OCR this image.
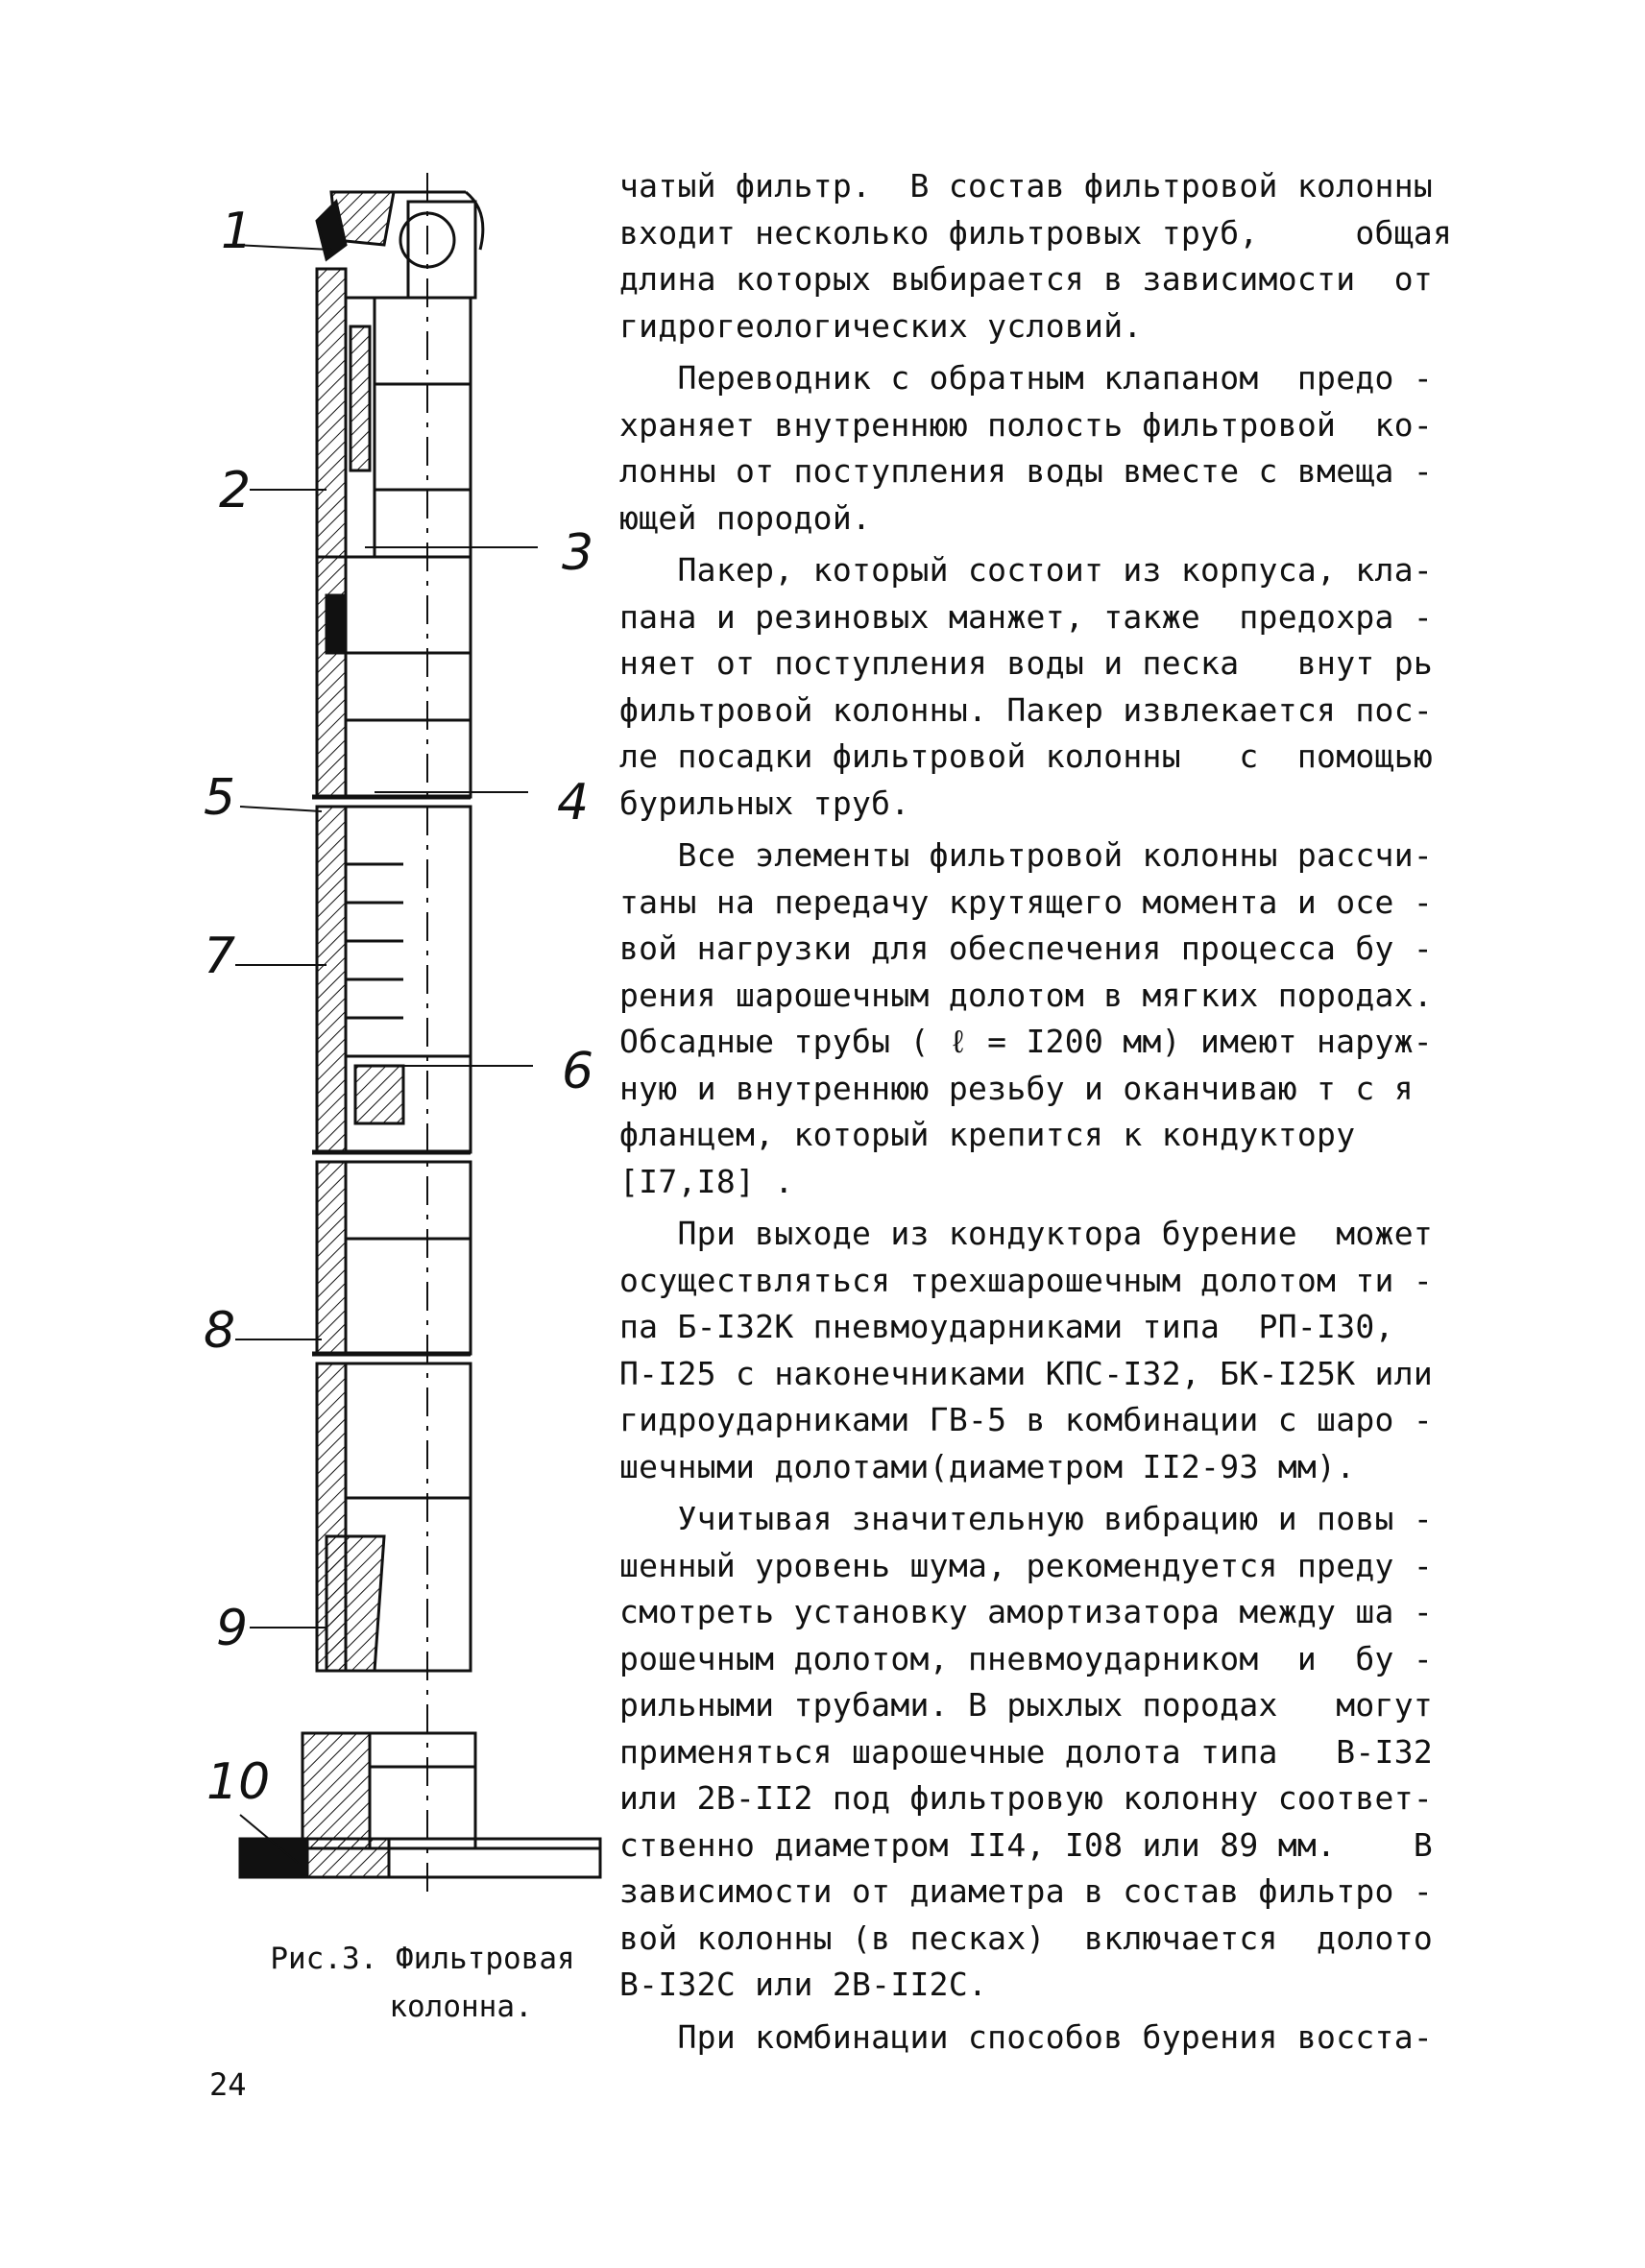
1
2
3
5	4
7
6
8
9
10
Рис.3. Фильтровая
колонна.
чатый фильтр.  В состав фильтровой колонны
входит несколько фильтровых труб,     общая
длина которых выбирается в зависимости  от
гидрогеологических условий.
Переводник с обратным клапаном  предо -
храняет внутреннюю полость фильтровой  ко-
лонны от поступления воды вместе с вмеща -
ющей породой.
Пакер, который состоит из корпуса, кла-
пана и резиновых манжет, также  предохра -
няет от поступления воды и песка   внут рь
фильтровой колонны. Пакер извлекается пос-
ле посадки фильтровой колонны   с  помощью
бурильных труб.
Все элементы фильтровой колонны рассчи-
таны на передачу крутящего момента и осе -
вой нагрузки для обеспечения процесса бу -
рения шарошечным долотом в мягких породах.
Обсадные трубы ( ℓ = I200 мм) имеют наруж-
ную и внутреннюю резьбу и оканчиваю т с я
фланцем, который крепится к кондуктору
[I7,I8] .
При выходе из кондуктора бурение  может
осуществляться трехшарошечным долотом ти -
па Б-I32К пневмоударниками типа  РП-I30,
П-I25 с наконечниками КПС-I32, БК-I25К или
гидроударниками ГВ-5 в комбинации с шаро -
шечными долотами(диаметром II2-93 мм).
Учитывая значительную вибрацию и повы -
шенный уровень шума, рекомендуется преду -
смотреть установку амортизатора между ша -
рошечным долотом, пневмоударником  и  бу -
рильными трубами. В рыхлых породах   могут
применяться шарошечные долота типа   В-I32
или 2В-II2 под фильтровую колонну соответ-
ственно диаметром II4, I08 или 89 мм.    В
зависимости от диаметра в состав фильтро -
вой колонны (в песках)  включается  долото
В-I32С или 2В-II2С.
При комбинации способов бурения восста-
24
